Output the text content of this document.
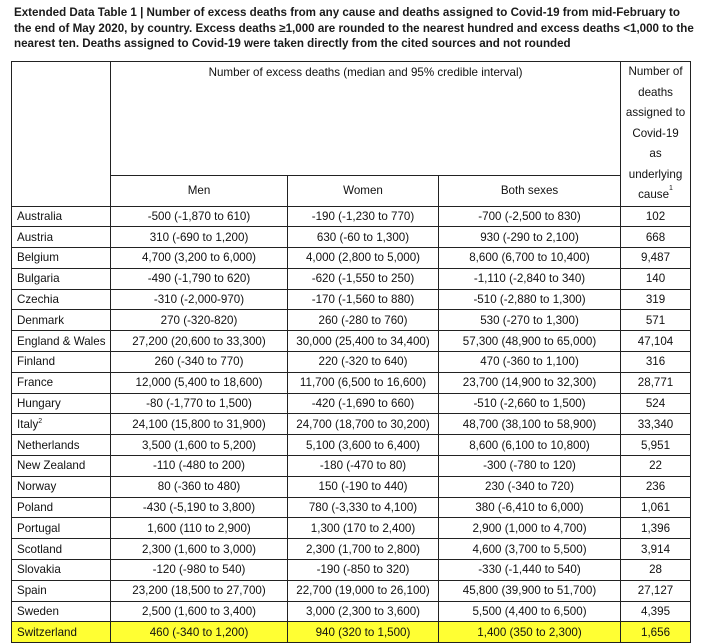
Extended Data Table 1 | Number of excess deaths from any cause and deaths assigned to Covid-19 from mid-February to the end of May 2020, by country. Excess deaths ≥1,000 are rounded to the nearest hundred and excess deaths <1,000 to the nearest ten. Deaths assigned to Covid-19 were taken directly from the cited sources and not rounded
	Number of excess deaths (median and 95% credible interval)			Number of deaths assigned to Covid-19 as underlying cause$^1$
	Men	Women	Both sexes	
Australia	-500 (-1,870 to 610)	-190 (-1,230 to 770)	-700 (-2,500 to 830)	102
Austria	310 (-690 to 1,200)	630 (-60 to 1,300)	930 (-290 to 2,100)	668
Belgium	4,700 (3,200 to 6,000)	4,000 (2,800 to 5,000)	8,600 (6,700 to 10,400)	9,487
Bulgaria	-490 (-1,790 to 620)	-620 (-1,550 to 250)	-1,110 (-2,840 to 340)	140
Czechia	-310 (-2,000-970)	-170 (-1,560 to 880)	-510 (-2,880 to 1,300)	319
Denmark	270 (-320-820)	260 (-280 to 760)	530 (-270 to 1,300)	571
England & Wales	27,200 (20,600 to 33,300)	30,000 (25,400 to 34,400)	57,300 (48,900 to 65,000)	47,104
Finland	260 (-340 to 770)	220 (-320 to 640)	470 (-360 to 1,100)	316
France	12,000 (5,400 to 18,600)	11,700 (6,500 to 16,600)	23,700 (14,900 to 32,300)	28,771
Hungary	-80 (-1,770 to 1,500)	-420 (-1,690 to 660)	-510 (-2,660 to 1,500)	524
Italy$^2$	24,100 (15,800 to 31,900)	24,700 (18,700 to 30,200)	48,700 (38,100 to 58,900)	33,340
Netherlands	3,500 (1,600 to 5,200)	5,100 (3,600 to 6,400)	8,600 (6,100 to 10,800)	5,951
New Zealand	-110 (-480 to 200)	-180 (-470 to 80)	-300 (-780 to 120)	22
Norway	80 (-360 to 480)	150 (-190 to 440)	230 (-340 to 720)	236
Poland	-430 (-5,190 to 3,800)	780 (-3,330 to 4,100)	380 (-6,410 to 6,000)	1,061
Portugal	1,600 (110 to 2,900)	1,300 (170 to 2,400)	2,900 (1,000 to 4,700)	1,396
Scotland	2,300 (1,600 to 3,000)	2,300 (1,700 to 2,800)	4,600 (3,700 to 5,500)	3,914
Slovakia	-120 (-980 to 540)	-190 (-850 to 320)	-330 (-1,440 to 540)	28
Spain	23,200 (18,500 to 27,700)	22,700 (19,000 to 26,100)	45,800 (39,900 to 51,700)	27,127
Sweden	2,500 (1,600 to 3,400)	3,000 (2,300 to 3,600)	5,500 (4,400 to 6,500)	4,395
Switzerland	460 (-340 to 1,200)	940 (320 to 1,500)	1,400 (350 to 2,300)	1,656
